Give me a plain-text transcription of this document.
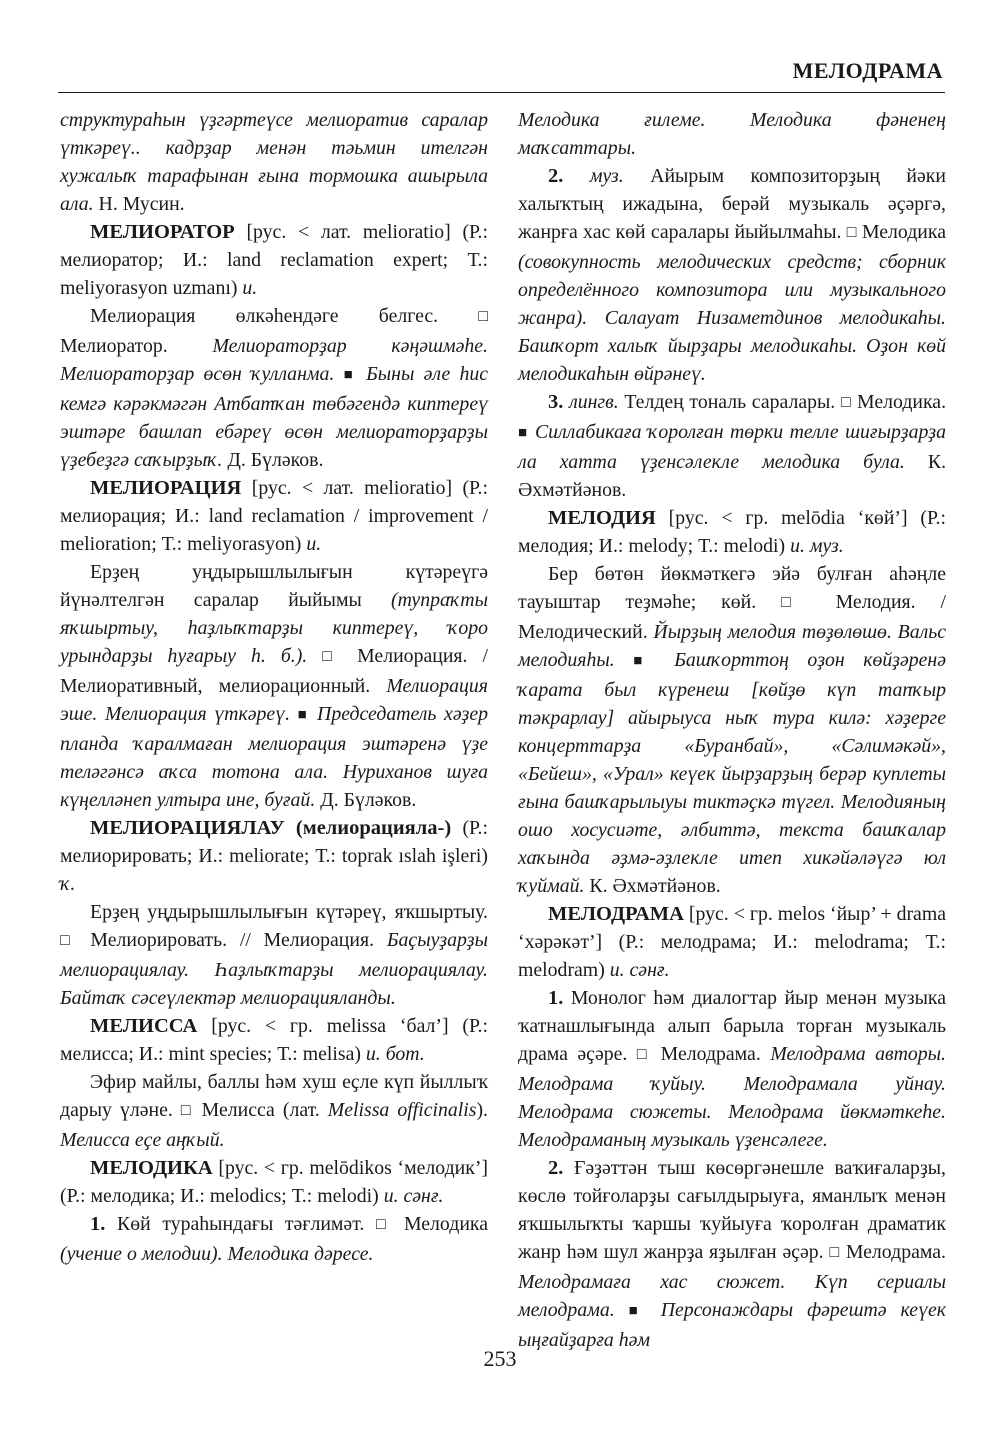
МЕЛОДРАМА

структураһын үҙгәртеүсе мелиоратив саралар үткәреү.. кадрҙар менән тәьмин ителгән хужалыҡ тарафынан ғына тормошка ашырыла ала. Н. Мусин.

МЕЛИОРАТОР [рус. < лат. melioratio] (Р.: мелиоратор; И.: land reclamation expert; Т.: meliyorasyon uzmanı) и.

Мелиорация өлкәһендәге белгес.	□ Мелиоратор. Мелиораторҙар кәңәшмәһе. Мелиораторҙар өсөн ҡулланма. ■ Быны әле һис кемгә кәрәкмәгән Атбатҡан төбәгендә киптереү эштәре башлап ебәреү өсөн мелиораторҙарҙы үҙебеҙгә саҡырҙыҡ. Д. Бүләков.

МЕЛИОРАЦИЯ [рус. < лат. melioratio] (Р.: мелиорация; И.: land reclamation / improvement / melioration; Т.: meliyorasyon) и.

Ерҙең уңдырышлылығын күтәреүгә йүнәлтелгән саралар йыйымы (тупраҡты яҡшыртыу, һаҙлыҡтарҙы киптереү, ҡоро урындарҙы һуғарыу һ. б.). □ Мелиорация. / Мелиоративный, мелиорационный. Мелиорация эше. Мелиорация үткәреү. ■ Председатель хәҙер планда ҡаралмаған мелиорация эштәренә үҙе теләгәнсә аҡса тотона ала. Нуриханов шуға күңелләнеп ултыра ине, буғай. Д. Бүләков.

МЕЛИОРАЦИЯЛАУ (мелиорацияла-) (Р.: мелиорировать; И.: meliorate; Т.: toprak ıslah işleri) ҡ.

Ерҙең уңдырышлылығын күтәреү, яҡшыртыу. □ Мелиорировать. // Мелиорация. Баҫыуҙарҙы мелиорациялау. Һаҙлыҡтарҙы мелиорациялау. Байтаҡ сәсеүлектәр мелиорацияланды.

МЕЛИССА [рус. < гр. melissa ‘бал’] (Р.: мелисса; И.: mint species; Т.: melisa) и. бот.

Эфир майлы, баллы һәм хуш еҫле күп йыллыҡ дарыу үләне. □ Мелисса (лат. Melissa officinalis). Мелисса еҫе аңҡый.

МЕЛОДИКА [рус. < гр. melōdikos ‘мелодик’] (Р.: мелодика; И.: melodics; Т.: melodi) и. сәнғ.

1. Көй тураһындағы тәғлимәт. □ Мелодика (учение о мелодии). Мелодика дәресе.

Мелодика ғилеме. Мелодика фәненең маҡсаттары.

2. муз. Айырым композиторҙың йәки халыҡтың ижадына, берәй музыкаль әҫәргә, жанрға хас көй саралары йыйылмаһы. □ Мелодика (совокупность мелодических средств; сборник определённого композитора или музыкального жанра). Салауат Низаметдинов мелодикаһы. Башҡорт халыҡ йырҙары мелодикаһы. Оҙон көй мелодикаһын өйрәнеү.

3. лингв. Телдең тональ саралары. □ Мелодика. ■ Силлабикаға ҡоролған төрки телле шиғырҙарҙа ла хатта үҙенсәлекле мелодика була. К. Әхмәтйәнов.

МЕЛОДИЯ [рус. < гр. melōdia ‘көй’] (Р.: мелодия; И.: melody; Т.: melodi) и. муз.

Бер бөтөн йөкмәткегә эйә булған аһәңле тауыштар теҙмәһе; көй. □ Мелодия. / Мелодический. Йырҙың мелодия төҙөлөшө. Вальс мелодияһы. ■ Башҡорттоң оҙон көйҙәренә ҡарата был күренеш [көйҙө күп тапҡыр тәкрарлау] айырыуса ныҡ тура килә: хәҙерге концерттарҙа «Буранбай», «Сәлимәкәй», «Бейеш», «Урал» кеүек йырҙарҙың берәр куплеты ғына башҡарылыуы тиктәҫкә түгел. Мелодияның ошо хосусиәте, әлбиттә, текста башҡалар хаҡында әҙмә-әҙлекле итеп хикәйәләүгә юл ҡуймай. К. Әхмәтйәнов.

МЕЛОДРАМА [рус. < гр. melos ‘йыр’ + drama ‘хәрәкәт’] (Р.: мелодрама; И.: melodrama; Т.: melodram) и. сәнғ.

1. Монолог һәм диалогтар йыр менән музыка ҡатнашлығында алып барыла торған музыкаль драма әҫәре. □ Мелодрама. Мелодрама авторы. Мелодрама ҡуйыу. Мелодрамала уйнау. Мелодрама сюжеты. Мелодрама йөкмәткеһе. Мелодраманың музыкаль үҙенсәлеге.

2. Ғәҙәттән тыш көсөргәнешле ваҡиғаларҙы, көслө тойғоларҙы сағылдырыуға, яманлыҡ менән яҡшылыҡты ҡаршы ҡуйыуға ҡоролған драматик жанр һәм шул жанрҙа яҙылған әҫәр. □ Мелодрама. Мелодрамаға хас сюжет. Күп сериалы мелодрама. ■ Персонаждары фәрештә кеүек ыңғайҙарға һәм

253
